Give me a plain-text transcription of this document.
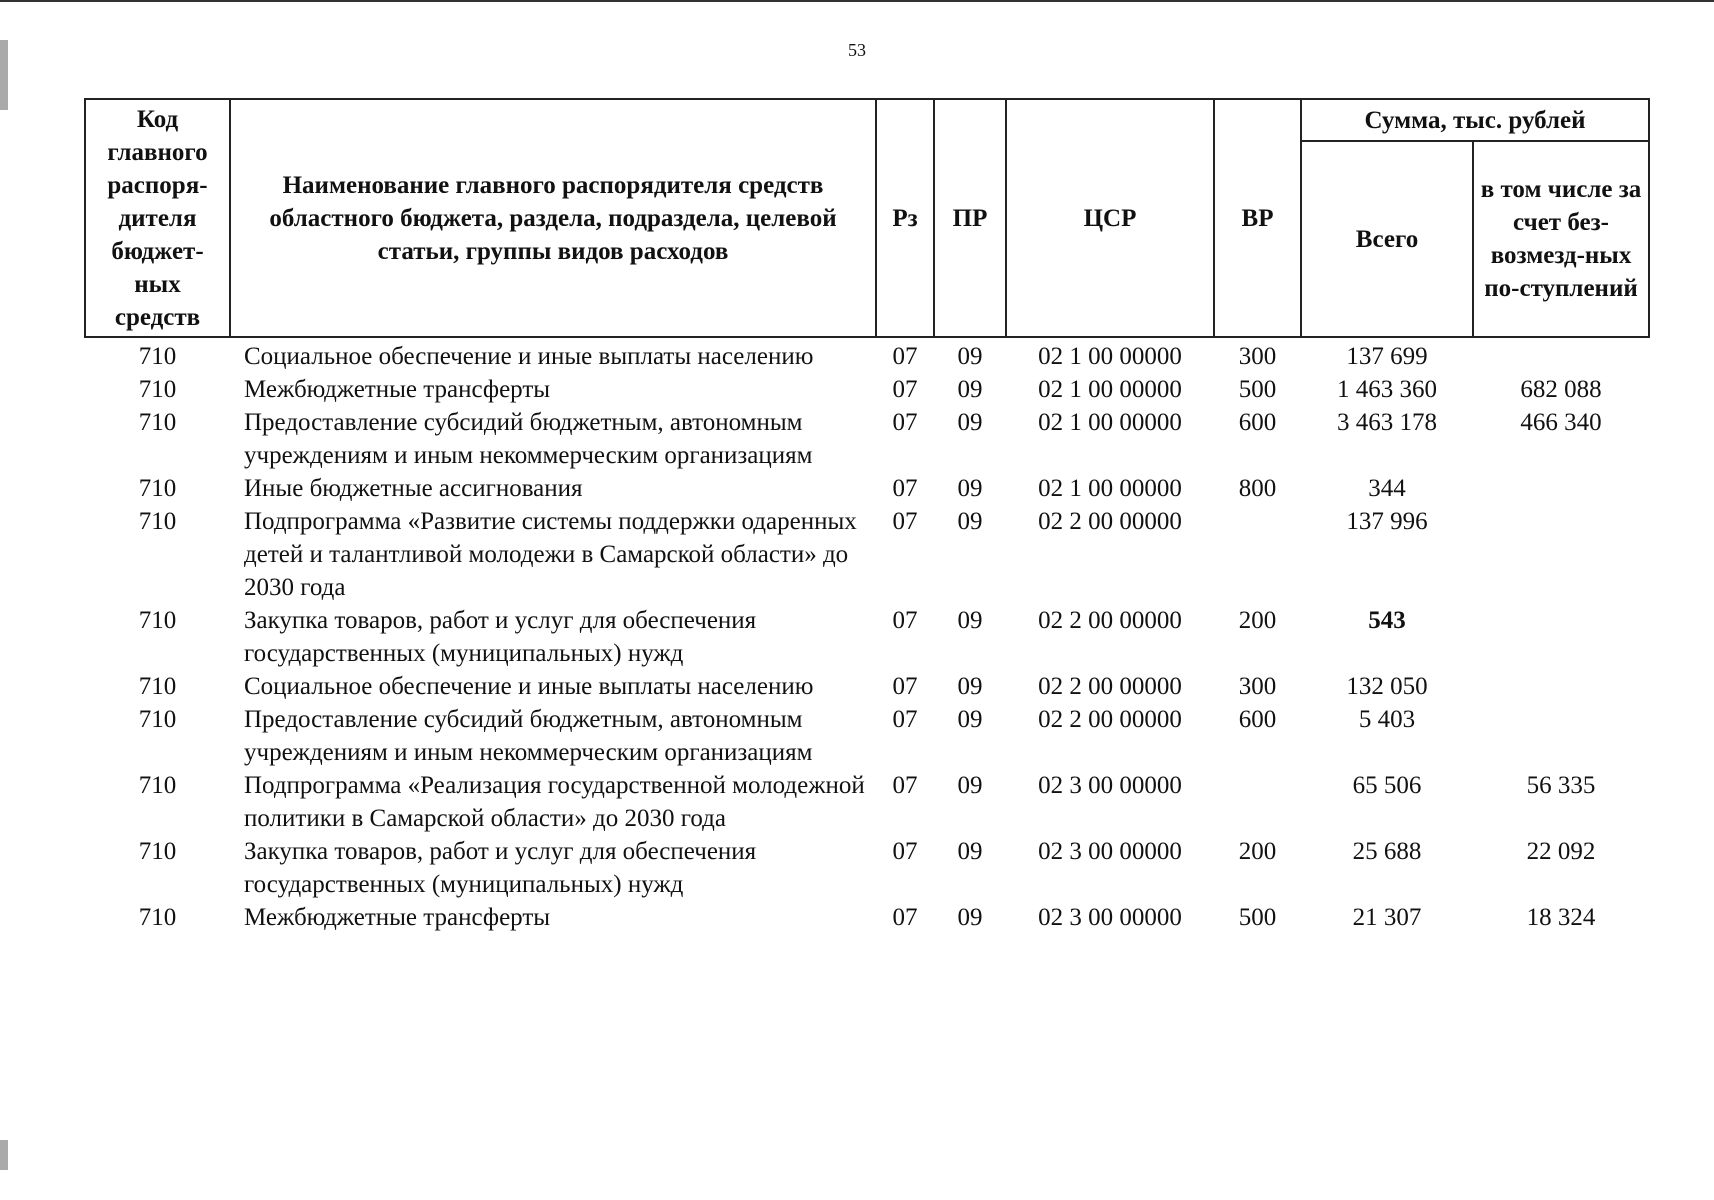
53
Код главного распоря-дителя бюджет-ных средств	Наименование главного распорядителя средств областного бюджета, раздела, подраздела, целевой статьи, группы видов расходов	Рз	ПР	ЦСР	ВР	Сумма, тыс. рублей	
						Всего	в том числе за счет без-возмезд-ных по-ступлений
710	Социальное обеспечение и иные выплаты населению	07	09	02 1 00 00000	300	137 699	
710	Межбюджетные трансферты	07	09	02 1 00 00000	500	1 463 360	682 088
710	Предоставление субсидий бюджетным, автономным учреждениям и иным некоммерческим организациям	07	09	02 1 00 00000	600	3 463 178	466 340
710	Иные бюджетные ассигнования	07	09	02 1 00 00000	800	344	
710	Подпрограмма «Развитие системы поддержки одаренных детей и талантливой молодежи в Самарской области» до 2030 года	07	09	02 2 00 00000		137 996	
710	Закупка товаров, работ и услуг для обеспечения государственных (муниципальных) нужд	07	09	02 2 00 00000	200	543	
710	Социальное обеспечение и иные выплаты населению	07	09	02 2 00 00000	300	132 050	
710	Предоставление субсидий бюджетным, автономным учреждениям и иным некоммерческим организациям	07	09	02 2 00 00000	600	5 403	
710	Подпрограмма «Реализация государственной молодежной политики в Самарской области» до 2030 года	07	09	02 3 00 00000		65 506	56 335
710	Закупка товаров, работ и услуг для обеспечения государственных (муниципальных) нужд	07	09	02 3 00 00000	200	25 688	22 092
710	Межбюджетные трансферты	07	09	02 3 00 00000	500	21 307	18 324
